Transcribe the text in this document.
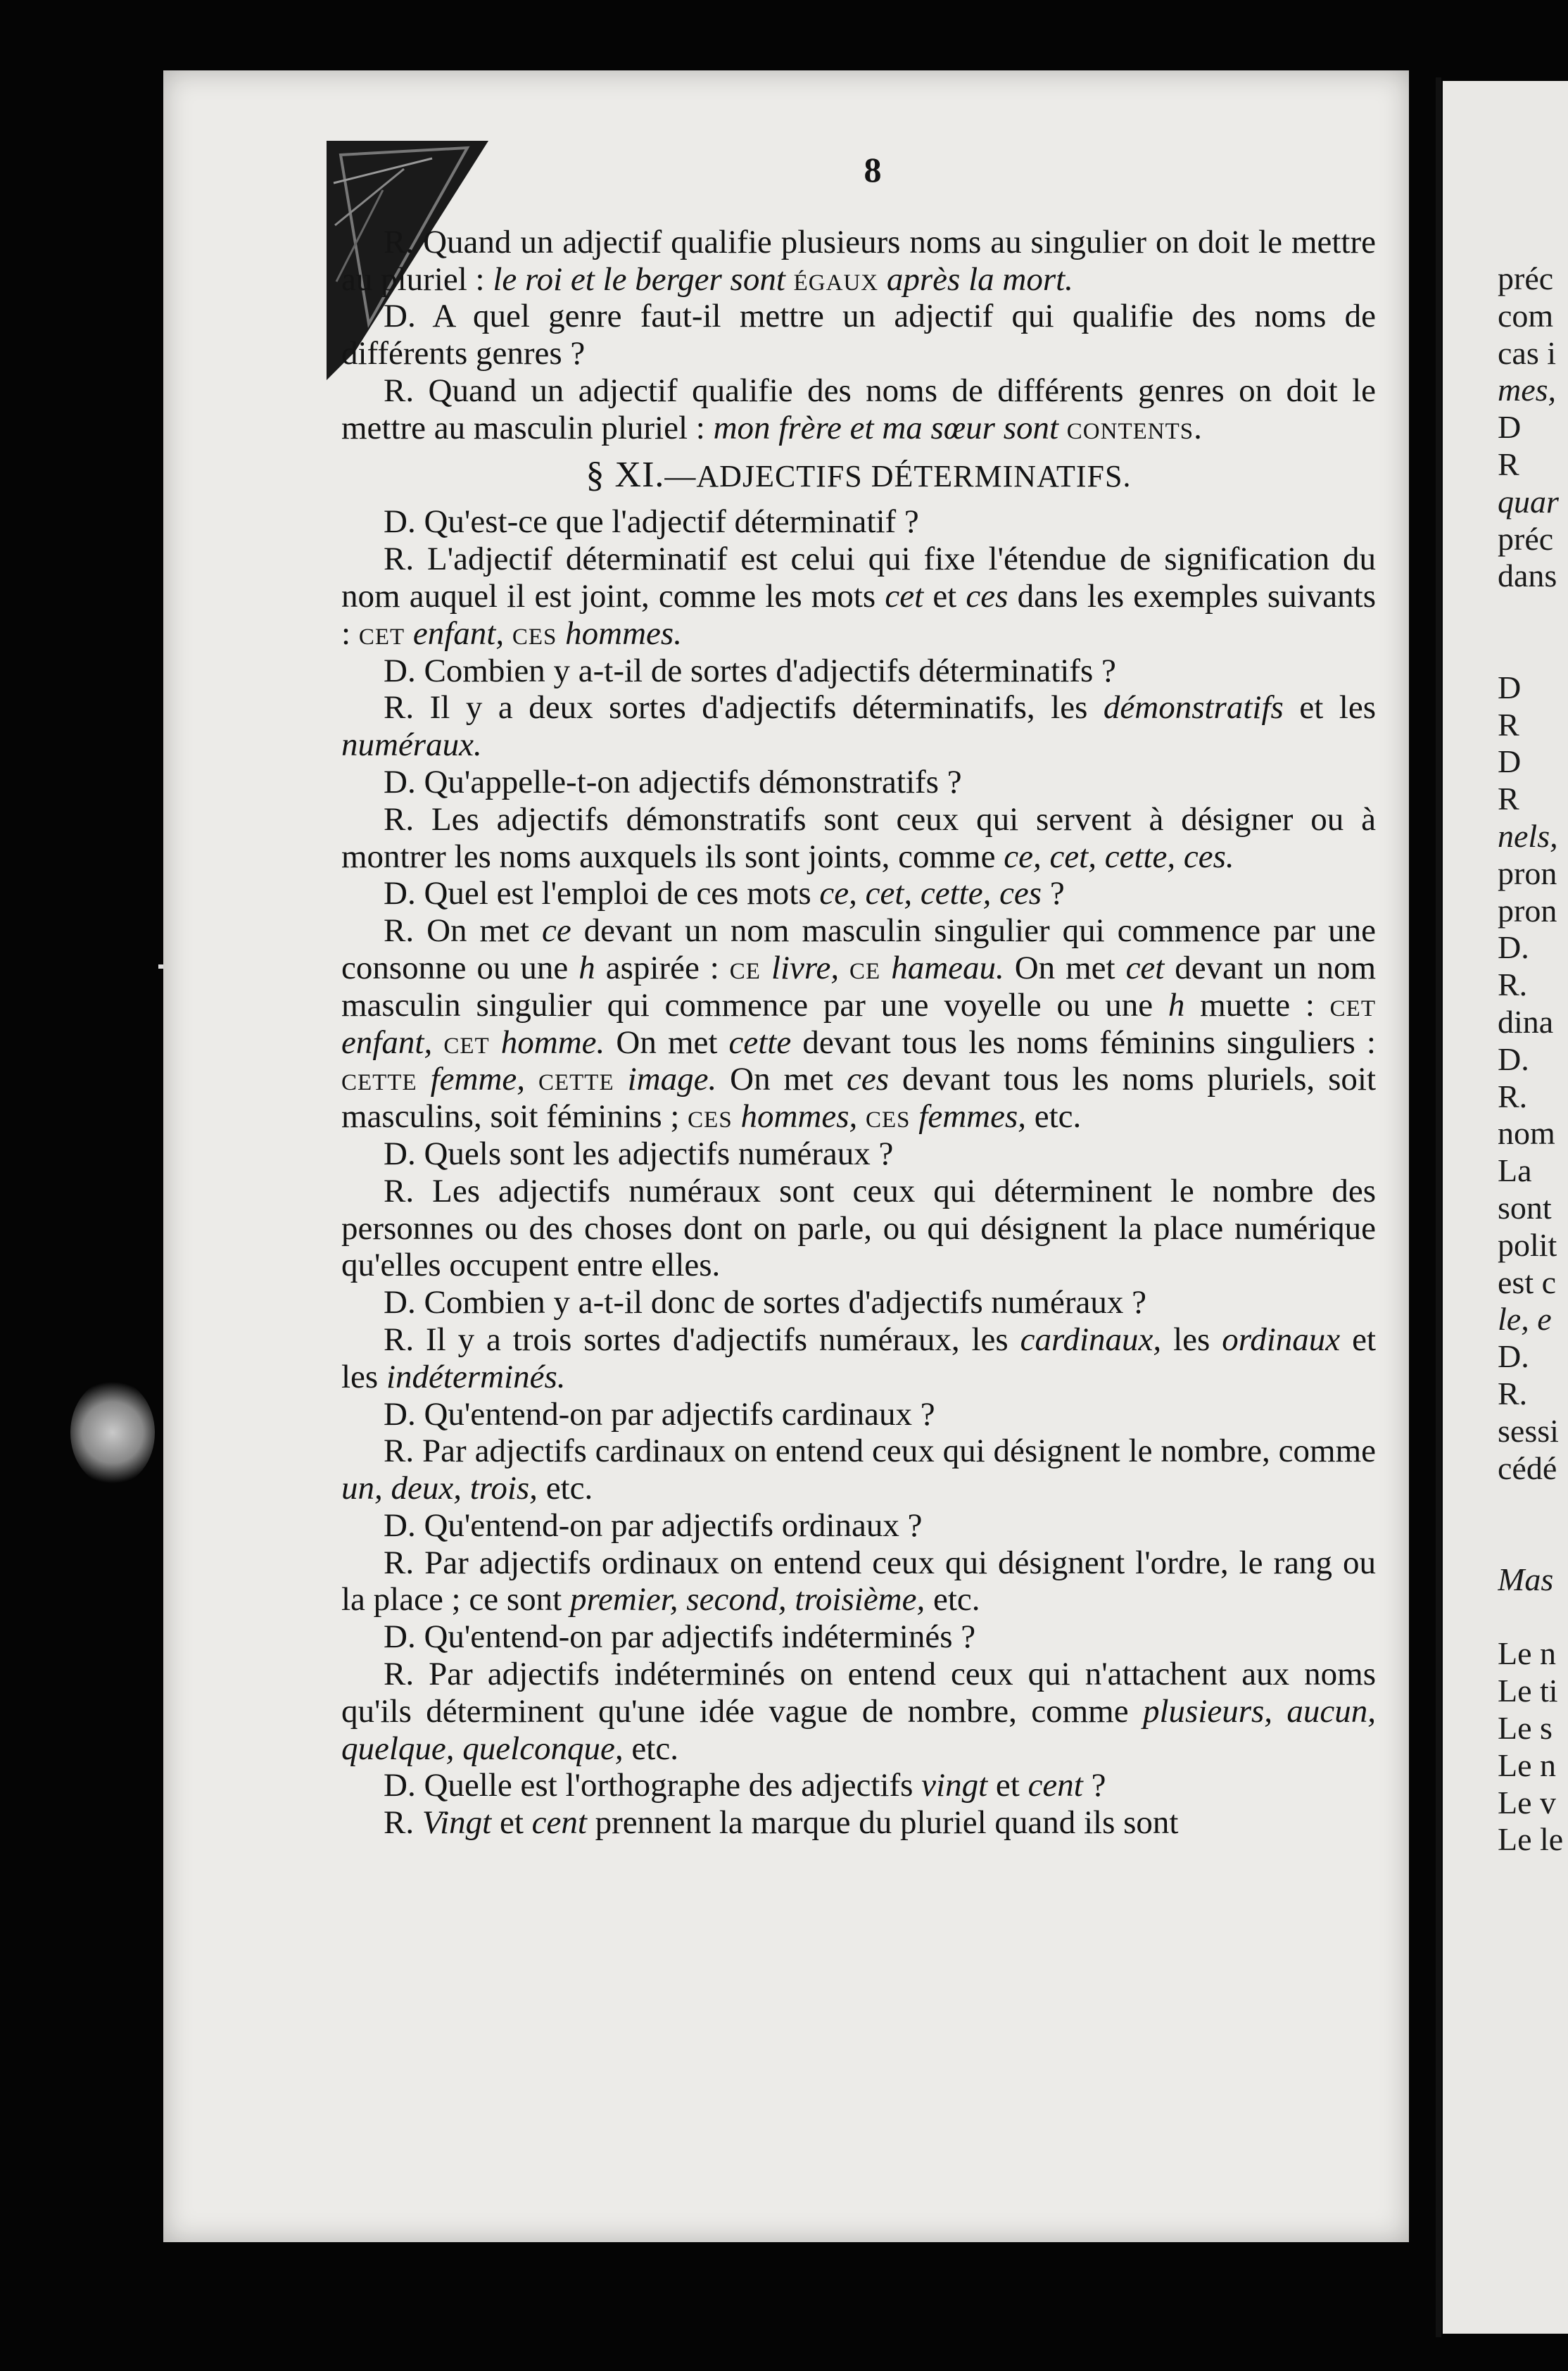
8

R. Quand un adjectif qualifie plusieurs noms au singulier on doit le mettre au pluriel : le roi et le berger sont égaux après la mort.

D. A quel genre faut-il mettre un adjectif qui qualifie des noms de différents genres ?

R. Quand un adjectif qualifie des noms de différents genres on doit le mettre au masculin pluriel : mon frère et ma sœur sont contents.

§ XI.—ADJECTIFS DÉTERMINATIFS.

D. Qu'est-ce que l'adjectif déterminatif ?

R. L'adjectif déterminatif est celui qui fixe l'étendue de signification du nom auquel il est joint, comme les mots cet et ces dans les exemples suivants : cet enfant, ces hommes.

D. Combien y a-t-il de sortes d'adjectifs déterminatifs ?

R. Il y a deux sortes d'adjectifs déterminatifs, les démonstratifs et les numéraux.

D. Qu'appelle-t-on adjectifs démonstratifs ?

R. Les adjectifs démonstratifs sont ceux qui servent à désigner ou à montrer les noms auxquels ils sont joints, comme ce, cet, cette, ces.

D. Quel est l'emploi de ces mots ce, cet, cette, ces ?

R. On met ce devant un nom masculin singulier qui commence par une consonne ou une h aspirée : ce livre, ce hameau. On met cet devant un nom masculin singulier qui commence par une voyelle ou une h muette : cet enfant, cet homme. On met cette devant tous les noms féminins singuliers : cette femme, cette image. On met ces devant tous les noms pluriels, soit masculins, soit féminins ; ces hommes, ces femmes, etc.

D. Quels sont les adjectifs numéraux ?

R. Les adjectifs numéraux sont ceux qui déterminent le nombre des personnes ou des choses dont on parle, ou qui désignent la place numérique qu'elles occupent entre elles.

D. Combien y a-t-il donc de sortes d'adjectifs numéraux ?

R. Il y a trois sortes d'adjectifs numéraux, les cardinaux, les ordinaux et les indéterminés.

D. Qu'entend-on par adjectifs cardinaux ?

R. Par adjectifs cardinaux on entend ceux qui désignent le nombre, comme un, deux, trois, etc.

D. Qu'entend-on par adjectifs ordinaux ?

R. Par adjectifs ordinaux on entend ceux qui désignent l'ordre, le rang ou la place ; ce sont premier, second, troisième, etc.

D. Qu'entend-on par adjectifs indéterminés ?

R. Par adjectifs indéterminés on entend ceux qui n'attachent aux noms qu'ils déterminent qu'une idée vague de nombre, comme plusieurs, aucun, quelque, quelconque, etc.

D. Quelle est l'orthographe des adjectifs vingt et cent ?

R. Vingt et cent prennent la marque du pluriel quand ils sont

préc
com
cas i
mes,
D
R
quar
préc
dans
D
R
D
R
nels,
pron
pron
D.
R.
dina
D.
R.
nom
La
sont
polit
est c
le, e
D.
R.
sessi
cédé
Mas
Le n
Le ti
Le s
Le n
Le v
Le le
